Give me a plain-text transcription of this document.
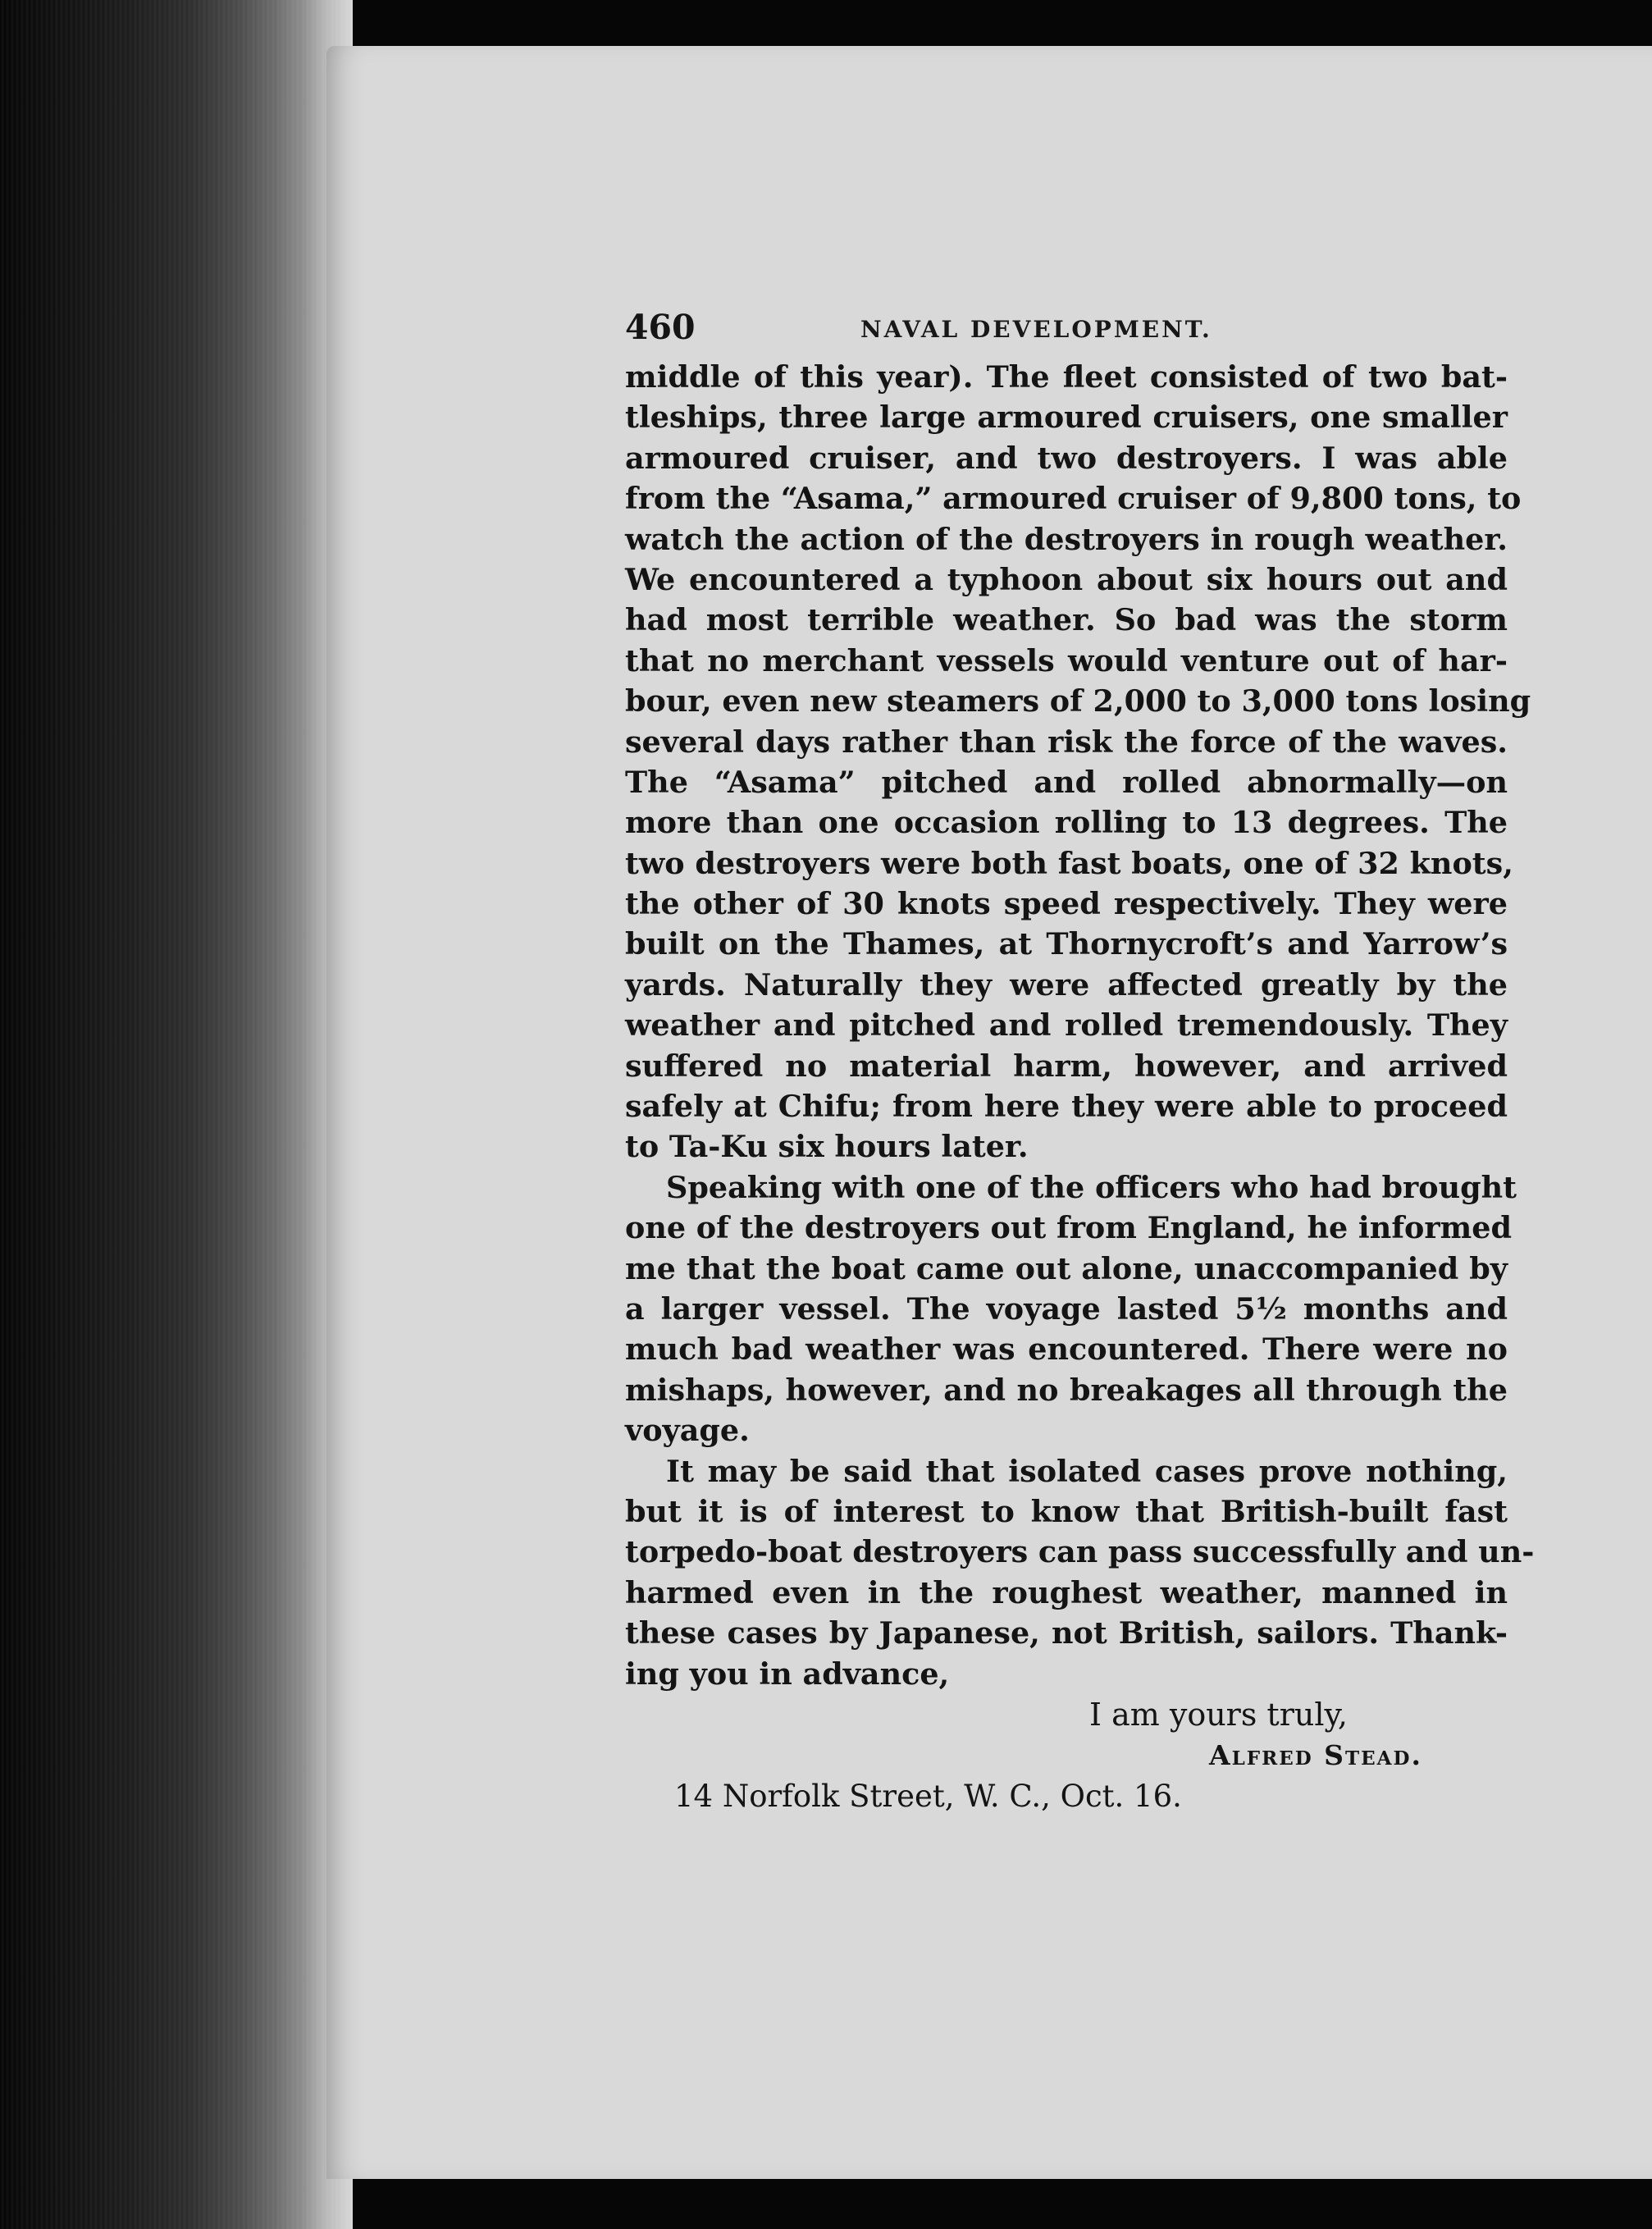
460	NAVAL DEVELOPMENT.
middle of this year). The fleet consisted of two bat-
tleships, three large armoured cruisers, one smaller
armoured cruiser, and two destroyers. I was able
from the “Asama,” armoured cruiser of 9,800 tons, to
watch the action of the destroyers in rough weather.
We encountered a typhoon about six hours out and
had most terrible weather. So bad was the storm
that no merchant vessels would venture out of har-
bour, even new steamers of 2,000 to 3,000 tons losing
several days rather than risk the force of the waves.
The “Asama” pitched and rolled abnormally—on
more than one occasion rolling to 13 degrees. The
two destroyers were both fast boats, one of 32 knots,
the other of 30 knots speed respectively. They were
built on the Thames, at Thornycroft’s and Yarrow’s
yards. Naturally they were affected greatly by the
weather and pitched and rolled tremendously. They
suffered no material harm, however, and arrived
safely at Chifu; from here they were able to proceed
to Ta-Ku six hours later.
Speaking with one of the officers who had brought
one of the destroyers out from England, he informed
me that the boat came out alone, unaccompanied by
a larger vessel. The voyage lasted 5½ months and
much bad weather was encountered. There were no
mishaps, however, and no breakages all through the
voyage.
It may be said that isolated cases prove nothing,
but it is of interest to know that British-built fast
torpedo-boat destroyers can pass successfully and un-
harmed even in the roughest weather, manned in
these cases by Japanese, not British, sailors. Thank-
ing you in advance,
I am yours truly,
Alfred Stead.
14 Norfolk Street, W. C., Oct. 16.
